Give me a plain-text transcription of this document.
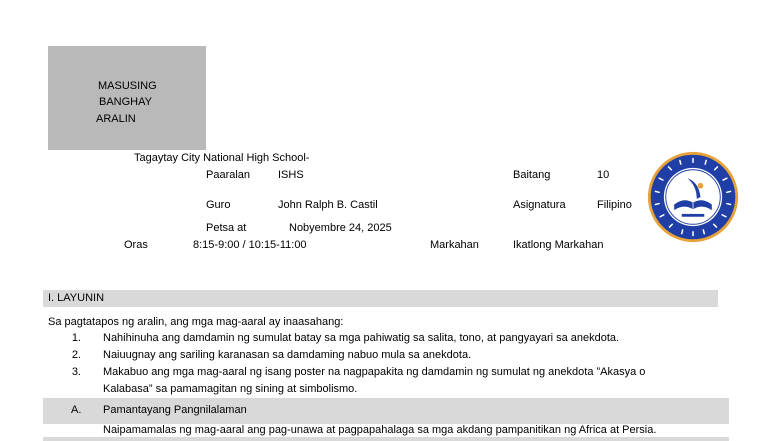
MASUSING
BANGHAY
ARALIN
Tagaytay City National High School-
Paaralan	ISHS	Baitang	10
Guro	John Ralph B. Castil	Asignatura	Filipino
Petsa at	Nobyembre 24, 2025
Oras	8:15-9:00 / 10:15-11:00	Markahan	Ikatlong Markahan
I. LAYUNIN
Sa pagtatapos ng aralin, ang mga mag-aaral ay inaasahang:
1. Nahihinuha ang damdamin ng sumulat batay sa mga pahiwatig sa salita, tono, at pangyayari sa anekdota.
2. Naiuugnay ang sariling karanasan sa damdaming nabuo mula sa anekdota.
3. Makabuo ang mga mag-aaral ng isang poster na nagpapakita ng damdamin ng sumulat ng anekdota ”Akasya o
Kalabasa” sa pamamagitan ng sining at simbolismo.
A. Pamantayang Pangnilalaman
Naipamamalas ng mag-aaral ang pag-unawa at pagpapahalaga sa mga akdang pampanitikan ng Africa at Persia.
